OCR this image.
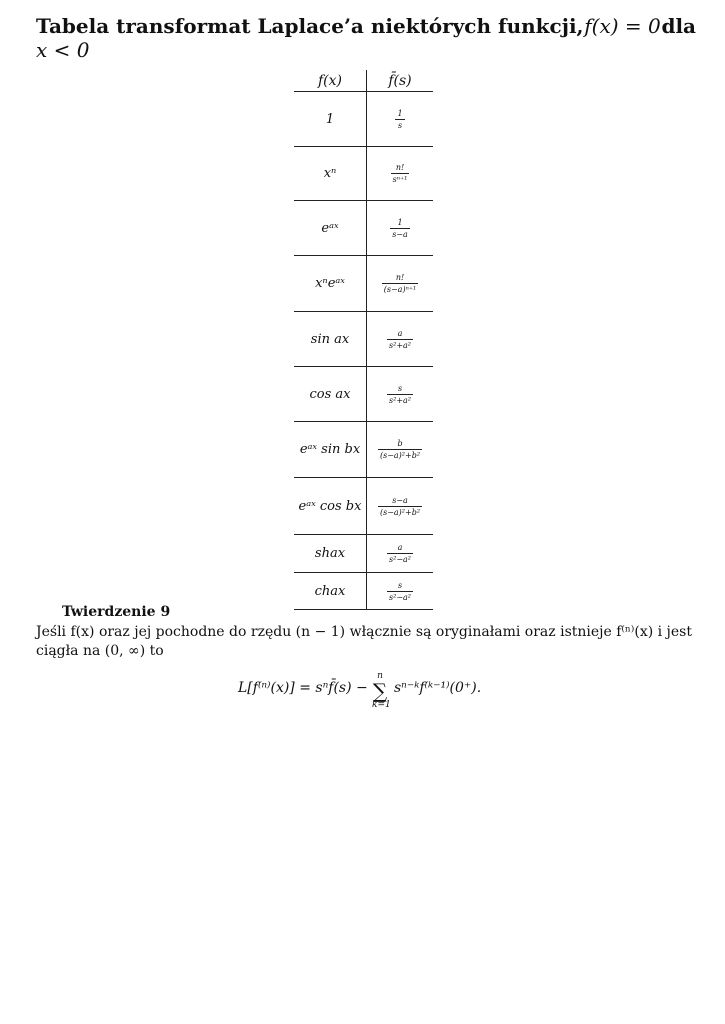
Tabela transformat Laplace’a niektórych funkcji, f(x) = 0 dla
x < 0
f(x)	f̄(s)
1	$\frac{1}{s}$
xⁿ	$\frac{n!}{\text{sⁿ⁺¹}}$
eᵃˣ	$\frac{1}{s-a}$
xⁿeᵃˣ	$\frac{n!}{\text{(s−a)ⁿ⁺¹}}$
sin ax	$\frac{a}{\text{s²+a²}}$
cos ax	$\frac{s}{\text{s²+a²}}$
eᵃˣ sin bx $\frac{b}{\text{(s−a)²+b²}}$
eᵃˣ cos bx $\frac{s-a}{\text{(s−a)²+b²}}$
shax	$\frac{a}{\text{s²−a²}}$
chax	$\frac{s}{\text{s²−a²}}$
Twierdzenie 9
Jeśli f(x) oraz jej pochodne do rzędu (n − 1) włącznie są oryginałami oraz istnieje f⁽ⁿ⁾(x) i jest ciągła na (0, ∞) to
L[f⁽ⁿ⁾(x)] = sⁿf̄(s) −
n
∑
k=1
sⁿ⁻ᵏf⁽ᵏ⁻¹⁾(0⁺).
